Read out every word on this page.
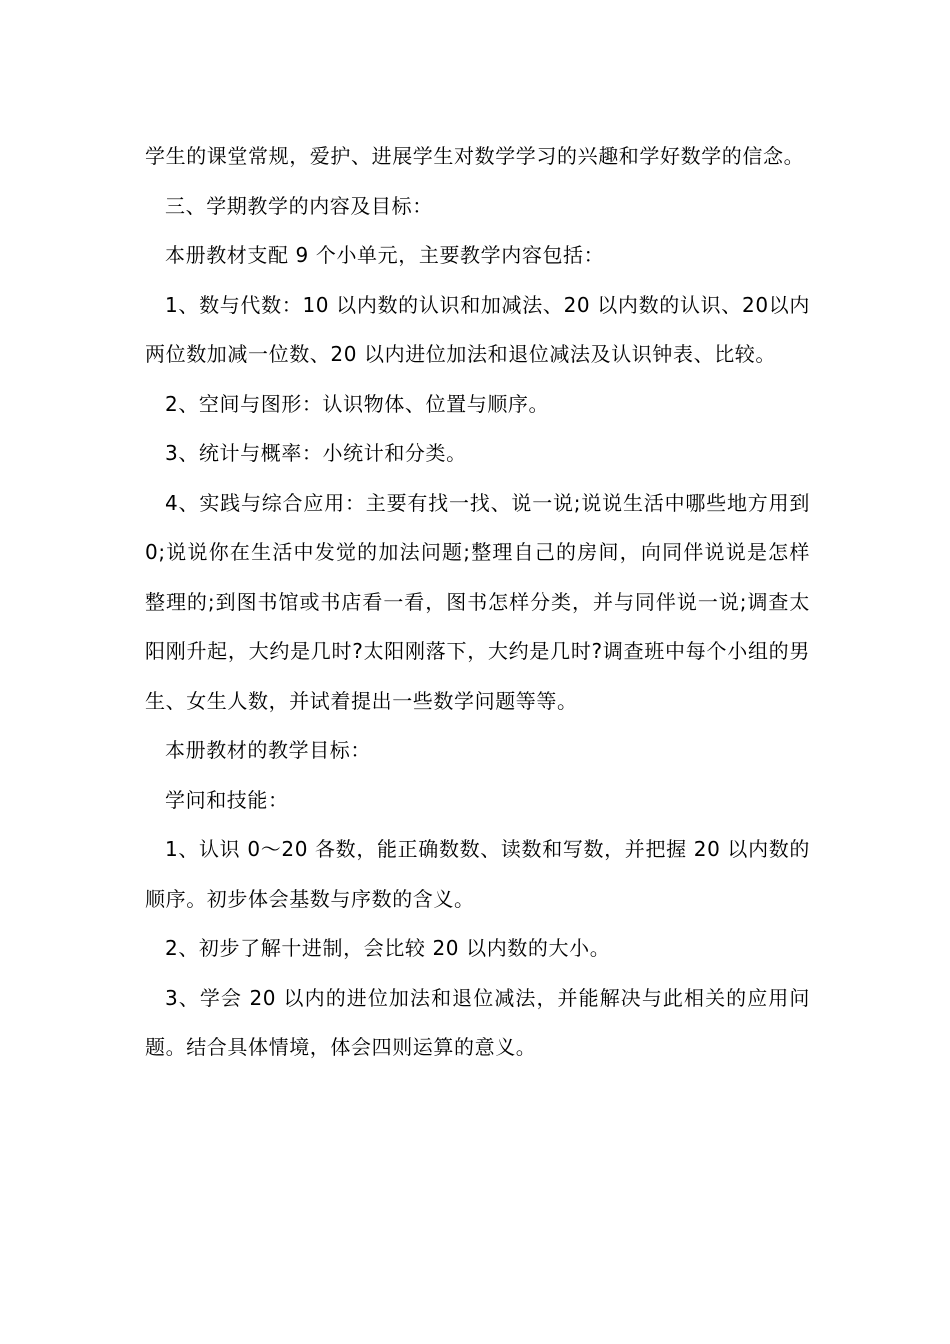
学生的课堂常规，爱护、进展学生对数学学习的兴趣和学好数学的信念。

三、学期教学的内容及目标：

本册教材支配 9 个小单元，主要教学内容包括：

1、数与代数：10 以内数的认识和加减法、20 以内数的认识、20以内两位数加减一位数、20 以内进位加法和退位减法及认识钟表、比较。

2、空间与图形：认识物体、位置与顺序。

3、统计与概率：小统计和分类。

4、实践与综合应用：主要有找一找、说一说;说说生活中哪些地方用到 0;说说你在生活中发觉的加法问题;整理自己的房间，向同伴说说是怎样整理的;到图书馆或书店看一看，图书怎样分类，并与同伴说一说;调查太阳刚升起，大约是几时?太阳刚落下，大约是几时?调查班中每个小组的男生、女生人数，并试着提出一些数学问题等等。

本册教材的教学目标：

学问和技能：

1、认识 0～20 各数，能正确数数、读数和写数，并把握 20 以内数的顺序。初步体会基数与序数的含义。

2、初步了解十进制，会比较 20 以内数的大小。

3、学会 20 以内的进位加法和退位减法，并能解决与此相关的应用问题。结合具体情境，体会四则运算的意义。
